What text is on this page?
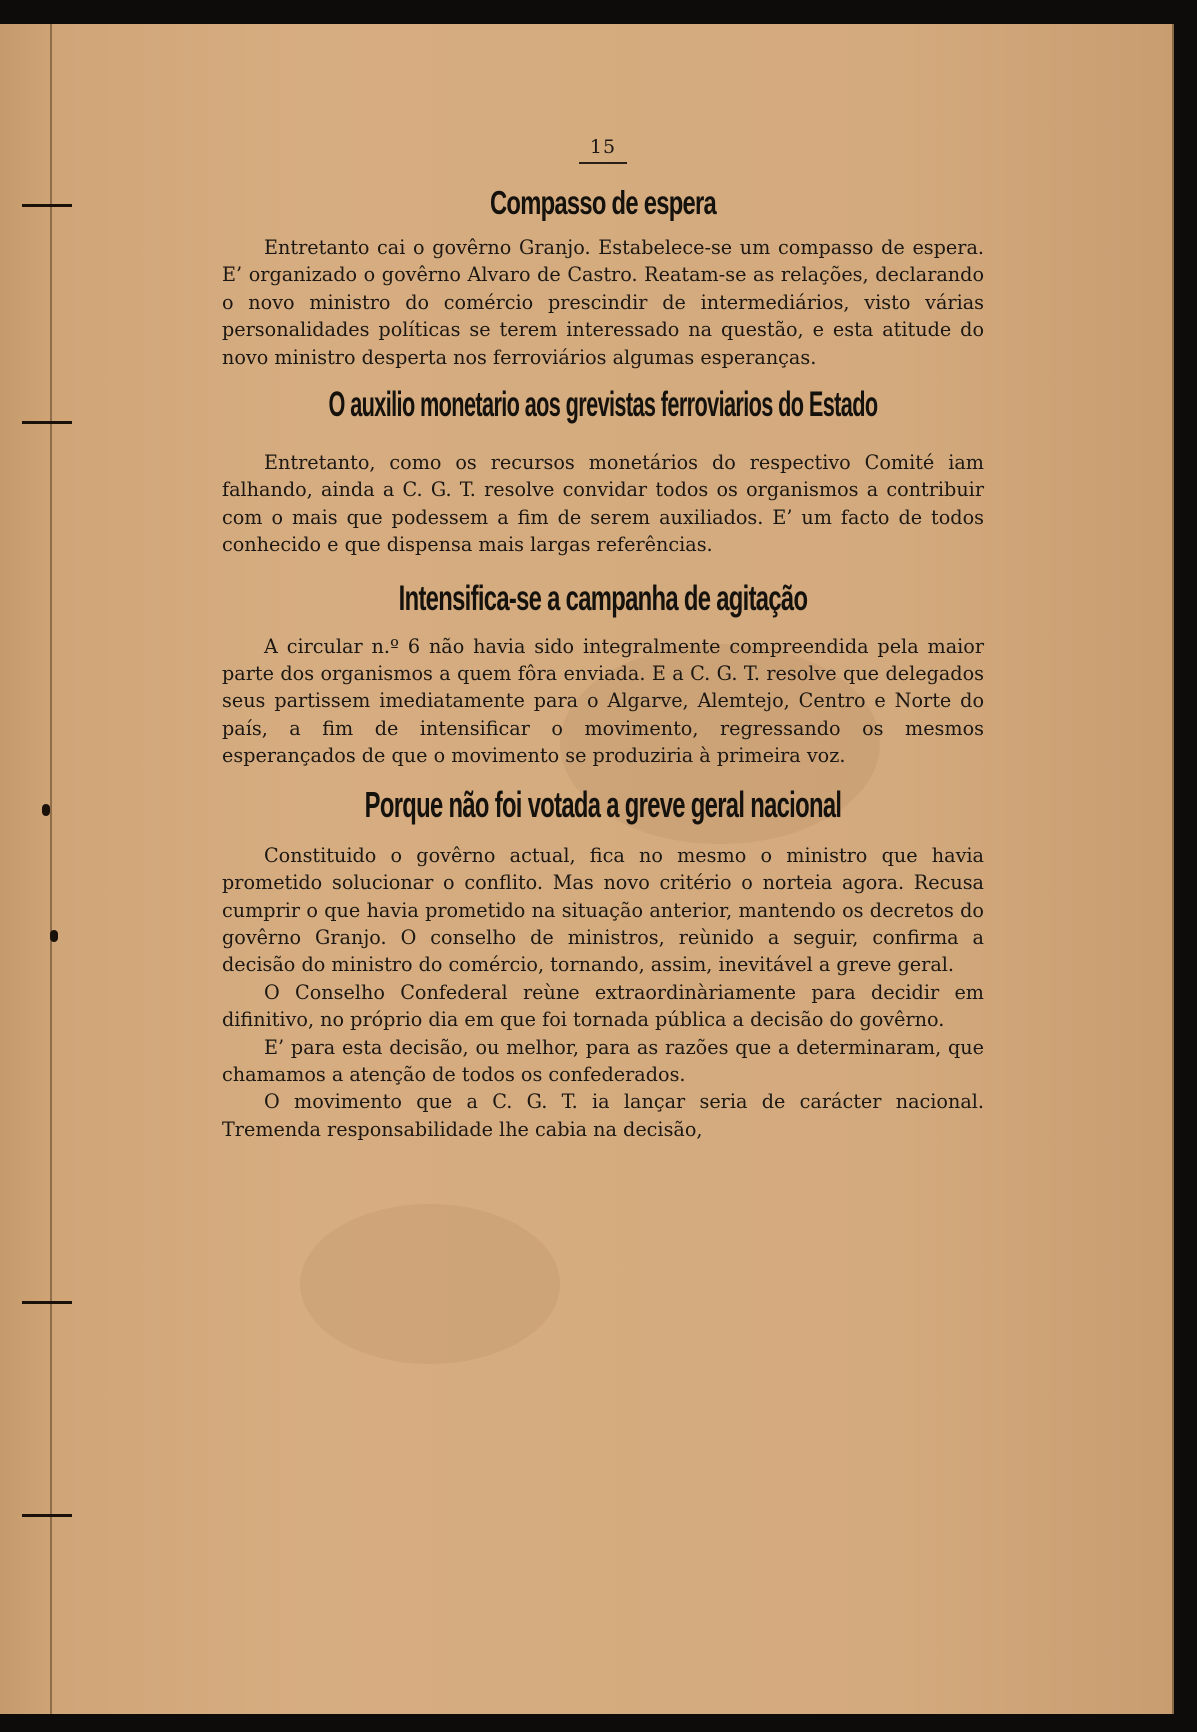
15
Compasso de espera

Entretanto cai o govêrno Granjo. Estabelece-se um compasso de espera. E’ organizado o govêrno Alvaro de Castro. Reatam-se as relações, declarando o novo ministro do comércio prescindir de intermediários, visto várias personalidades políticas se terem interessado na questão, e esta atitude do novo ministro desperta nos ferroviários algumas esperanças.

O auxilio monetario aos grevistas ferroviarios do Estado

Entretanto, como os recursos monetários do respectivo Comité iam falhando, ainda a C. G. T. resolve convidar todos os organismos a contribuir com o mais que podessem a fim de serem auxiliados. E’ um facto de todos conhecido e que dispensa mais largas referências.

Intensifica-se a campanha de agitação

A circular n.º 6 não havia sido integralmente compreendida pela maior parte dos organismos a quem fôra enviada. E a C. G. T. resolve que delegados seus partissem imediatamente para o Algarve, Alemtejo, Centro e Norte do país, a fim de intensificar o movimento, regressando os mesmos esperançados de que o movimento se produziria à primeira voz.

Porque não foi votada a greve geral nacional

Constituido o govêrno actual, fica no mesmo o ministro que havia prometido solucionar o conflito. Mas novo critério o norteia agora. Recusa cumprir o que havia prometido na situação anterior, mantendo os decretos do govêrno Granjo. O conselho de ministros, reùnido a seguir, confirma a decisão do ministro do comércio, tornando, assim, inevitável a greve geral.

O Conselho Confederal reùne extraordinàriamente para decidir em difinitivo, no próprio dia em que foi tornada pública a decisão do govêrno.

E’ para esta decisão, ou melhor, para as razões que a determinaram, que chamamos a atenção de todos os confederados.

O movimento que a C. G. T. ia lançar seria de carácter nacional. Tremenda responsabilidade lhe cabia na decisão,
